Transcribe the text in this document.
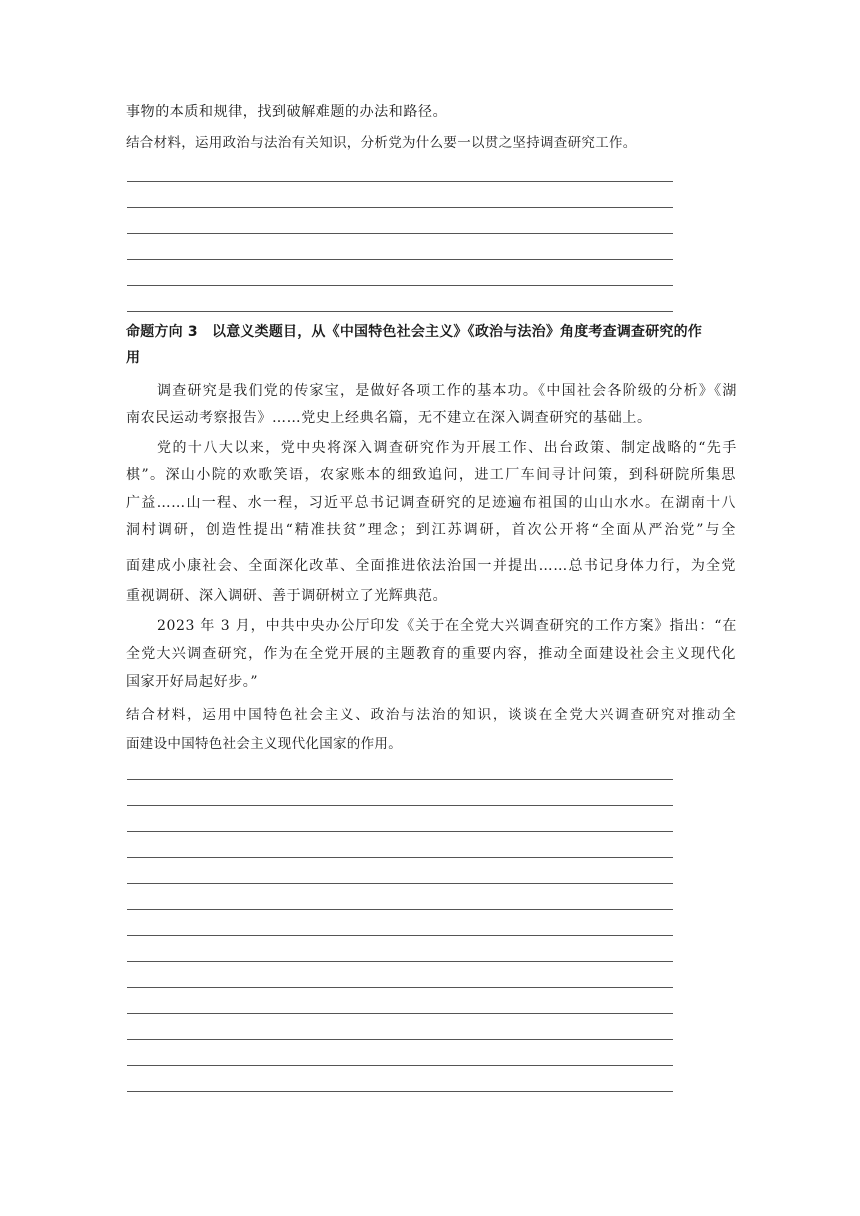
事物的本质和规律，找到破解难题的办法和路径。
结合材料，运用政治与法治有关知识，分析党为什么要一以贯之坚持调查研究工作。
命题方向 3　以意义类题目，从《中国特色社会主义》《政治与法治》角度考查调查研究的作
用
调查研究是我们党的传家宝，是做好各项工作的基本功。《中国社会各阶级的分析》《湖
南农民运动考察报告》……党史上经典名篇，无不建立在深入调查研究的基础上。
党的十八大以来，党中央将深入调查研究作为开展工作、出台政策、制定战略的“先手
棋”。深山小院的欢歌笑语，农家账本的细致追问，进工厂车间寻计问策，到科研院所集思
广益……山一程、水一程，习近平总书记调查研究的足迹遍布祖国的山山水水。在湖南十八
洞村调研，创造性提出“精准扶贫”理念；到江苏调研，首次公开将“全面从严治党”与全
面建成小康社会、全面深化改革、全面推进依法治国一并提出……总书记身体力行，为全党
重视调研、深入调研、善于调研树立了光辉典范。
2023 年 3 月，中共中央办公厅印发《关于在全党大兴调查研究的工作方案》指出：“在
全党大兴调查研究，作为在全党开展的主题教育的重要内容，推动全面建设社会主义现代化
国家开好局起好步。”
结合材料，运用中国特色社会主义、政治与法治的知识，谈谈在全党大兴调查研究对推动全
面建设中国特色社会主义现代化国家的作用。
